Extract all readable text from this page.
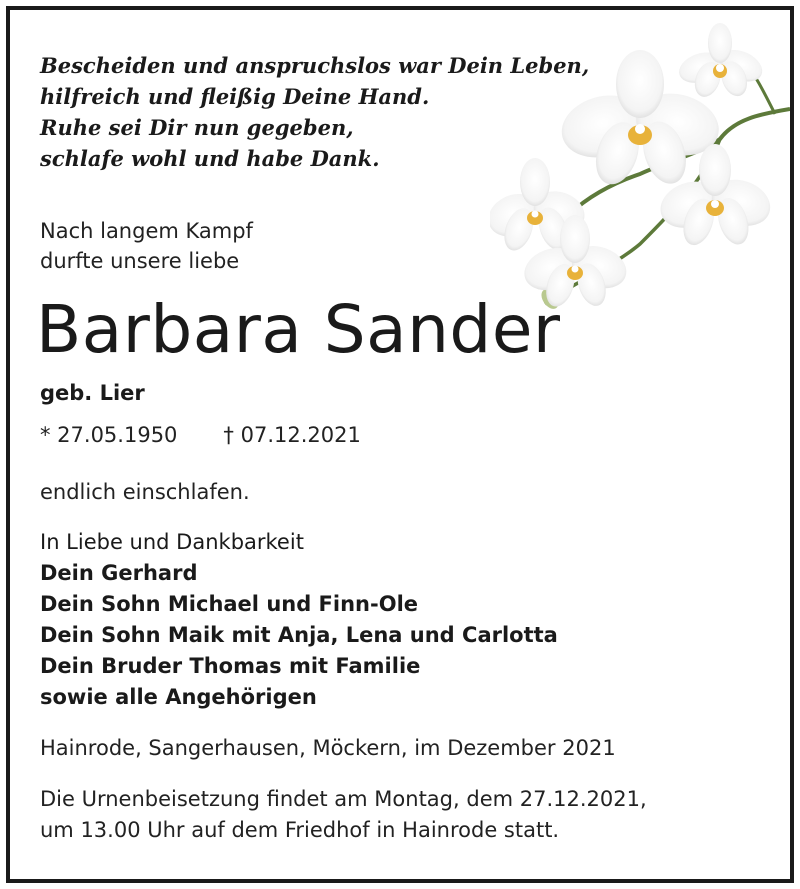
Bescheiden und anspruchslos war Dein Leben,
hilfreich und fleißig Deine Hand.
Ruhe sei Dir nun gegeben,
schlafe wohl und habe Dank.
Nach langem Kampf
durfte unsere liebe
Barbara Sander
geb. Lier
* 27.05.1950 † 07.12.2021
endlich einschlafen.
In Liebe und Dankbarkeit
Dein Gerhard
Dein Sohn Michael und Finn-Ole
Dein Sohn Maik mit Anja, Lena und Carlotta
Dein Bruder Thomas mit Familie
sowie alle Angehörigen
Hainrode, Sangerhausen, Möckern, im Dezember 2021
Die Urnenbeisetzung findet am Montag, dem 27.12.2021,
um 13.00 Uhr auf dem Friedhof in Hainrode statt.
